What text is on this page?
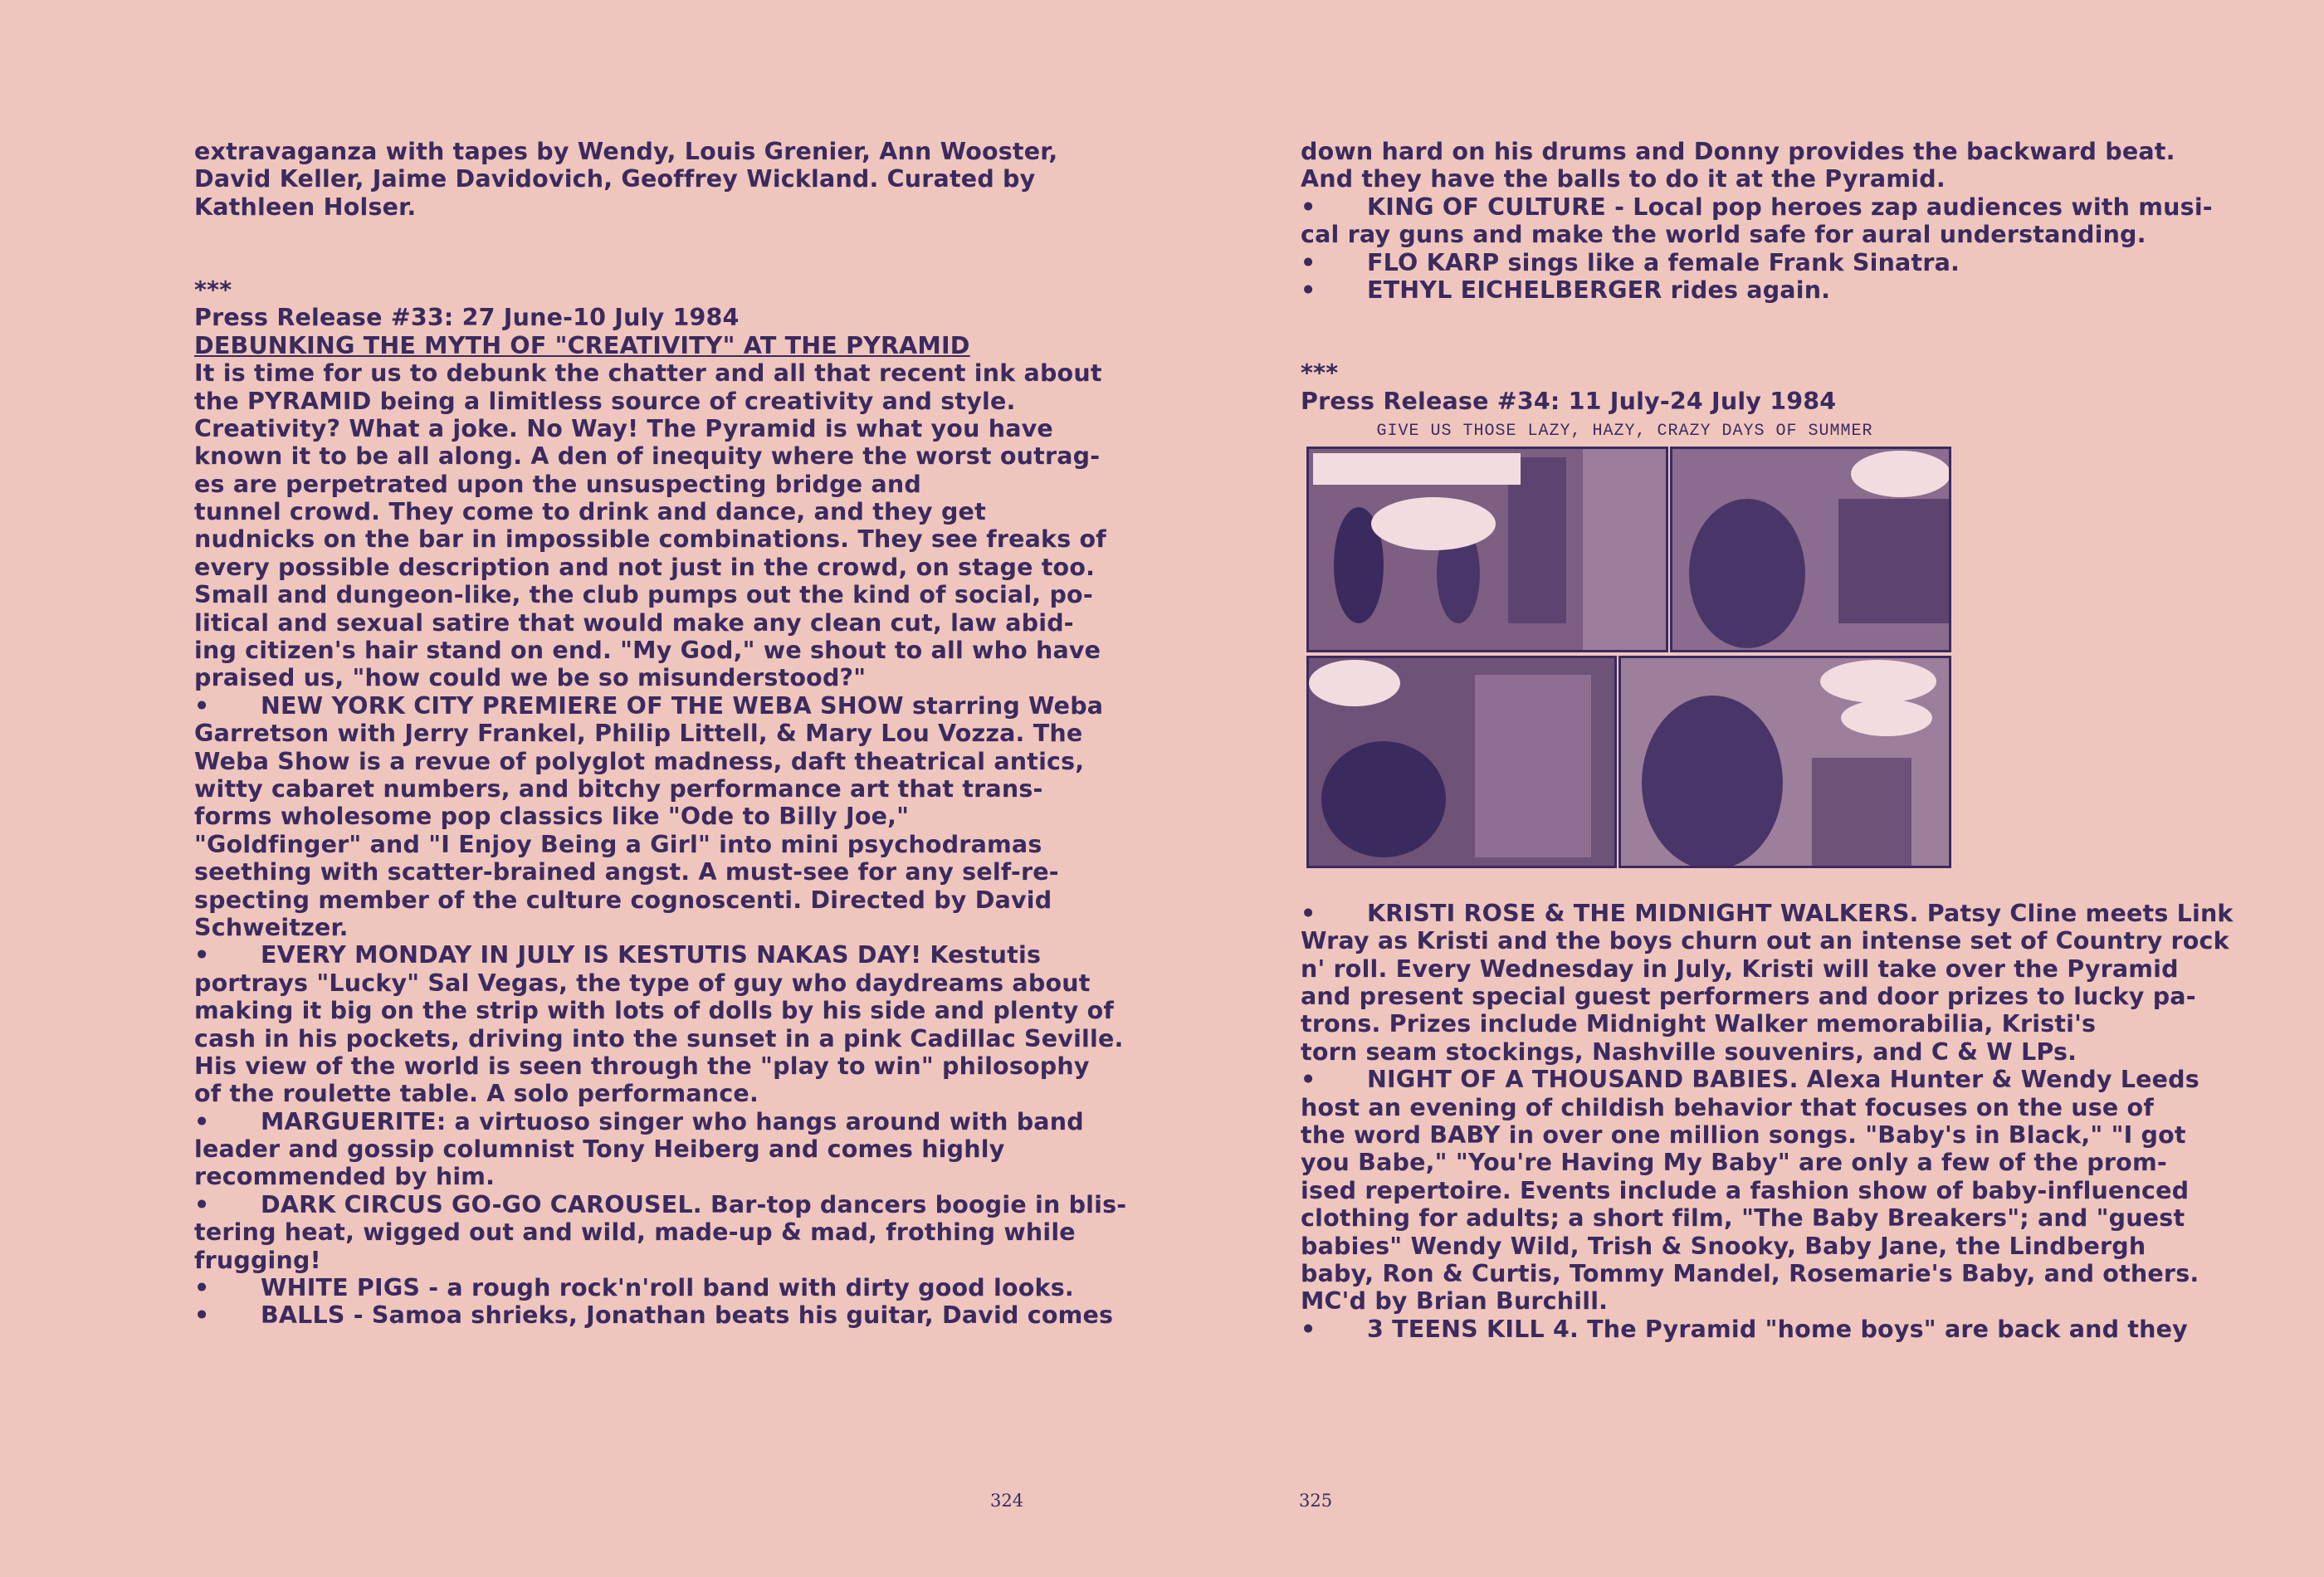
extravaganza with tapes by Wendy, Louis Grenier, Ann Wooster,
David Keller, Jaime Davidovich, Geoffrey Wickland. Curated by
Kathleen Holser.
***
Press Release #33: 27 June-10 July 1984
DEBUNKING THE MYTH OF "CREATIVITY" AT THE PYRAMID
It is time for us to debunk the chatter and all that recent ink about
the PYRAMID being a limitless source of creativity and style.
Creativity? What a joke. No Way! The Pyramid is what you have
known it to be all along. A den of inequity where the worst outrag-
es are perpetrated upon the unsuspecting bridge and
tunnel crowd. They come to drink and dance, and they get
nudnicks on the bar in impossible combinations. They see freaks of
every possible description and not just in the crowd, on stage too.
Small and dungeon-like, the club pumps out the kind of social, po-
litical and sexual satire that would make any clean cut, law abid-
ing citizen's hair stand on end. "My God," we shout to all who have
praised us, "how could we be so misunderstood?"
• NEW YORK CITY PREMIERE OF THE WEBA SHOW starring Weba
Garretson with Jerry Frankel, Philip Littell, & Mary Lou Vozza. The
Weba Show is a revue of polyglot madness, daft theatrical antics,
witty cabaret numbers, and bitchy performance art that trans-
forms wholesome pop classics like "Ode to Billy Joe,"
"Goldfinger" and "I Enjoy Being a Girl" into mini psychodramas
seething with scatter-brained angst. A must-see for any self-re-
specting member of the culture cognoscenti. Directed by David
Schweitzer.
• EVERY MONDAY IN JULY IS KESTUTIS NAKAS DAY! Kestutis
portrays "Lucky" Sal Vegas, the type of guy who daydreams about
making it big on the strip with lots of dolls by his side and plenty of
cash in his pockets, driving into the sunset in a pink Cadillac Seville.
His view of the world is seen through the "play to win" philosophy
of the roulette table. A solo performance.
• MARGUERITE: a virtuoso singer who hangs around with band
leader and gossip columnist Tony Heiberg and comes highly
recommended by him.
• DARK CIRCUS GO-GO CAROUSEL. Bar-top dancers boogie in blis-
tering heat, wigged out and wild, made-up & mad, frothing while
frugging!
• WHITE PIGS - a rough rock'n'roll band with dirty good looks.
• BALLS - Samoa shrieks, Jonathan beats his guitar, David comes
324
down hard on his drums and Donny provides the backward beat.
And they have the balls to do it at the Pyramid.
• KING OF CULTURE - Local pop heroes zap audiences with musi-
cal ray guns and make the world safe for aural understanding.
• FLO KARP sings like a female Frank Sinatra.
• ETHYL EICHELBERGER rides again.
***
Press Release #34: 11 July-24 July 1984
• KRISTI ROSE & THE MIDNIGHT WALKERS. Patsy Cline meets Link
Wray as Kristi and the boys churn out an intense set of Country rock
n' roll. Every Wednesday in July, Kristi will take over the Pyramid
and present special guest performers and door prizes to lucky pa-
trons. Prizes include Midnight Walker memorabilia, Kristi's
torn seam stockings, Nashville souvenirs, and C & W LPs.
• NIGHT OF A THOUSAND BABIES. Alexa Hunter & Wendy Leeds
host an evening of childish behavior that focuses on the use of
the word BABY in over one million songs. "Baby's in Black," "I got
you Babe," "You're Having My Baby" are only a few of the prom-
ised repertoire. Events include a fashion show of baby-influenced
clothing for adults; a short film, "The Baby Breakers"; and "guest
babies" Wendy Wild, Trish & Snooky, Baby Jane, the Lindbergh
baby, Ron & Curtis, Tommy Mandel, Rosemarie's Baby, and others.
MC'd by Brian Burchill.
• 3 TEENS KILL 4. The Pyramid "home boys" are back and they
GIVE US THOSE LAZY, HAZY, CRAZY DAYS OF SUMMER
325
